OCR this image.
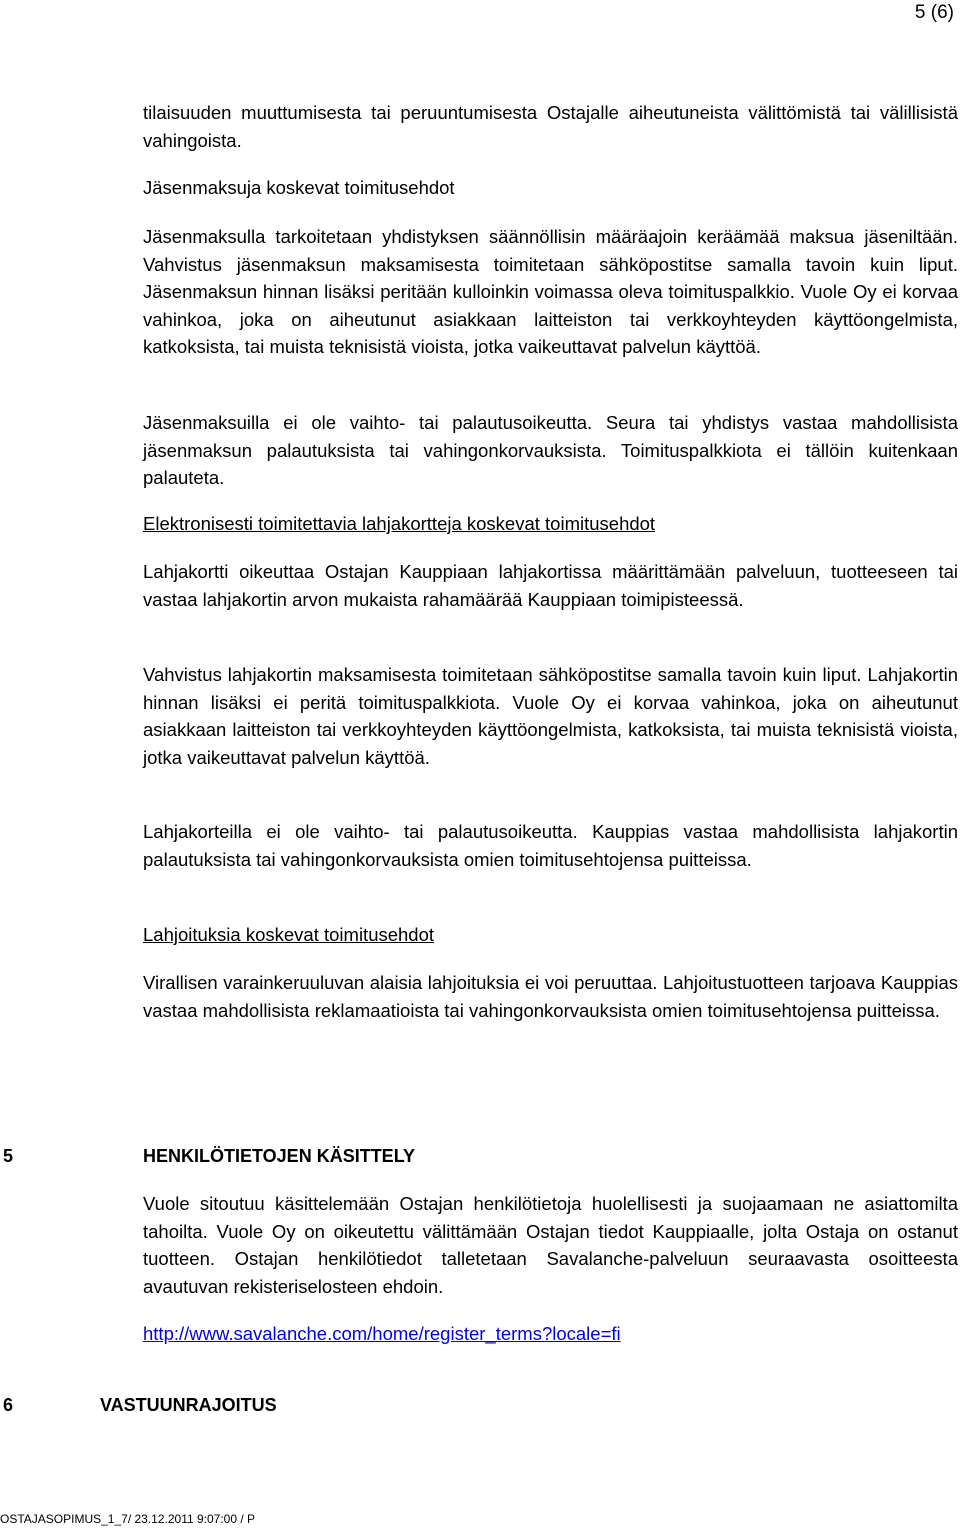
5 (6)

tilaisuuden muuttumisesta tai peruuntumisesta Ostajalle aiheutuneista välittömistä tai välillisistä vahingoista.

Jäsenmaksuja koskevat toimitusehdot

Jäsenmaksulla tarkoitetaan yhdistyksen säännöllisin määräajoin keräämää maksua jäseniltään. Vahvistus jäsenmaksun maksamisesta toimitetaan sähköpostitse samalla tavoin kuin liput. Jäsenmaksun hinnan lisäksi peritään kulloinkin voimassa oleva toimituspalkkio. Vuole Oy ei korvaa vahinkoa, joka on aiheutunut asiakkaan laitteiston tai verkkoyhteyden käyttöongelmista, katkoksista, tai muista teknisistä vioista, jotka vaikeuttavat palvelun käyttöä.

Jäsenmaksuilla ei ole vaihto- tai palautusoikeutta. Seura tai yhdistys vastaa mahdollisista jäsenmaksun palautuksista tai vahingonkorvauksista. Toimituspalkkiota ei tällöin kuitenkaan palauteta.

Elektronisesti toimitettavia lahjakortteja koskevat toimitusehdot

Lahjakortti oikeuttaa Ostajan Kauppiaan lahjakortissa määrittämään palveluun, tuotteeseen tai vastaa lahjakortin arvon mukaista rahamäärää Kauppiaan toimipisteessä.

Vahvistus lahjakortin maksamisesta toimitetaan sähköpostitse samalla tavoin kuin liput. Lahjakortin hinnan lisäksi ei peritä toimituspalkkiota. Vuole Oy ei korvaa vahinkoa, joka on aiheutunut asiakkaan laitteiston tai verkkoyhteyden käyttöongelmista, katkoksista, tai muista teknisistä vioista, jotka vaikeuttavat palvelun käyttöä.

Lahjakorteilla ei ole vaihto- tai palautusoikeutta. Kauppias vastaa mahdollisista lahjakortin palautuksista tai vahingonkorvauksista omien toimitusehtojensa puitteissa.

Lahjoituksia koskevat toimitusehdot

Virallisen varainkeruuluvan alaisia lahjoituksia ei voi peruuttaa. Lahjoitustuotteen tarjoava Kauppias vastaa mahdollisista reklamaatioista tai vahingonkorvauksista omien toimitusehtojensa puitteissa.

5	HENKILÖTIETOJEN KÄSITTELY

Vuole sitoutuu käsittelemään Ostajan henkilötietoja huolellisesti ja suojaamaan ne asiattomilta tahoilta. Vuole Oy on oikeutettu välittämään Ostajan tiedot Kauppiaalle, jolta Ostaja on ostanut tuotteen. Ostajan henkilötiedot talletetaan Savalanche-palveluun seuraavasta osoitteesta avautuvan rekisteriselosteen ehdoin.

http://www.savalanche.com/home/register_terms?locale=fi
6	VASTUUNRAJOITUS
OSTAJASOPIMUS_1_7/ 23.12.2011 9:07:00 / P
